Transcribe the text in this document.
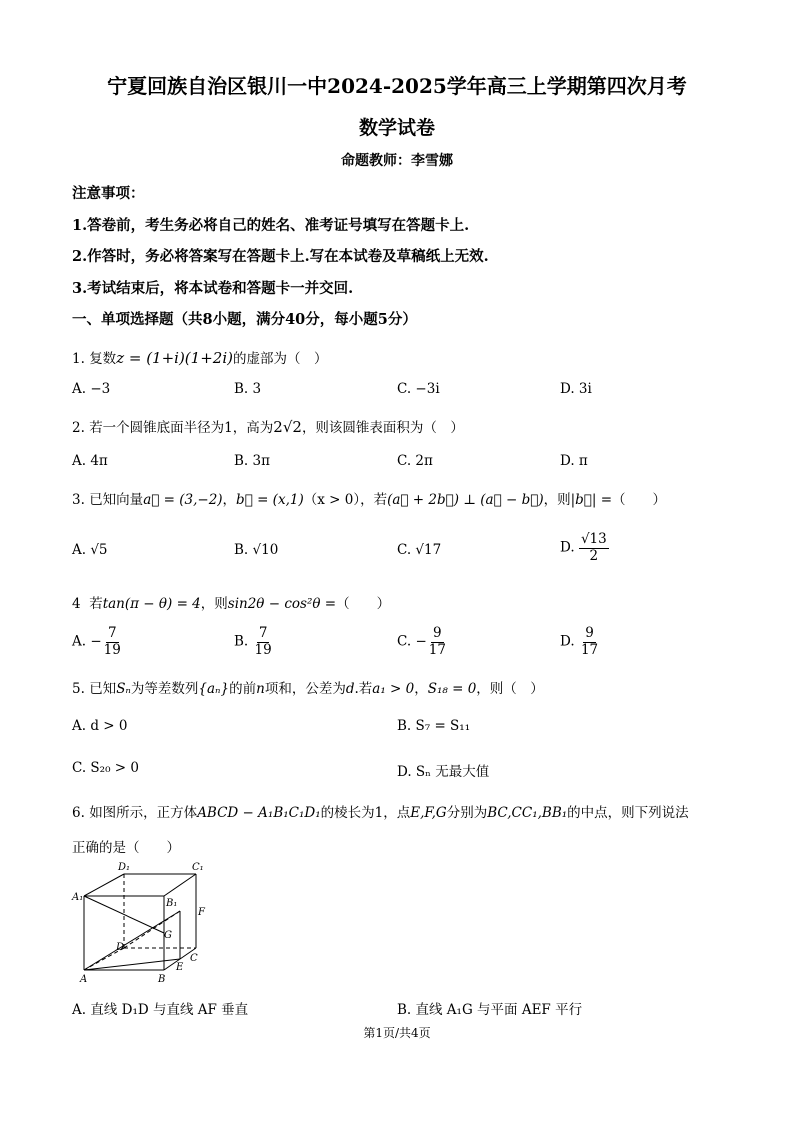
宁夏回族自治区银川一中2024-2025学年高三上学期第四次月考
数学试卷
命题教师：李雪娜
注意事项：
1.答卷前，考生务必将自己的姓名、准考证号填写在答题卡上.
2.作答时，务必将答案写在答题卡上.写在本试卷及草稿纸上无效.
3.考试结束后，将本试卷和答题卡一并交回.
一、单项选择题（共8小题，满分40分，每小题5分）
1. 复数z = (1+i)(1+2i)的虚部为（　）
A. −3	B. 3	C. −3i	D. 3i
2. 若一个圆锥底面半径为1，高为2√2，则该圆锥表面积为（　）
A. 4π	B. 3π	C. 2π	D. π
3. 已知向量a⃗ = (3,−2)，b⃗ = (x,1)（x > 0），若(a⃗ + 2b⃗) ⊥ (a⃗ − b⃗)，则|b⃗| =（　　）
A. √5	B. √10	C. √17	D. $\frac{√13}{2}$
4 若tan(π − θ) = 4，则sin2θ − cos²θ =（　　）
A. − $\frac{7}{19}$	B. $\frac{7}{19}$	C. − $\frac{9}{17}$	D. $\frac{9}{17}$
5. 已知Sₙ为等差数列{aₙ}的前n项和，公差为d.若a₁ > 0，S₁₈ = 0，则（　）
A. d > 0	B. S₇ = S₁₁
C. S₂₀ > 0	D. Sₙ 无最大值
6. 如图所示，正方体ABCD − A₁B₁C₁D₁的棱长为1，点E,F,G分别为BC,CC₁,BB₁的中点，则下列说法
正确的是（　　）
D₁	C₁
A₁
B₁
F
G
D
C
E
A	B
A. 直线 D₁D 与直线 AF 垂直	B. 直线 A₁G 与平面 AEF 平行
第1页/共4页
